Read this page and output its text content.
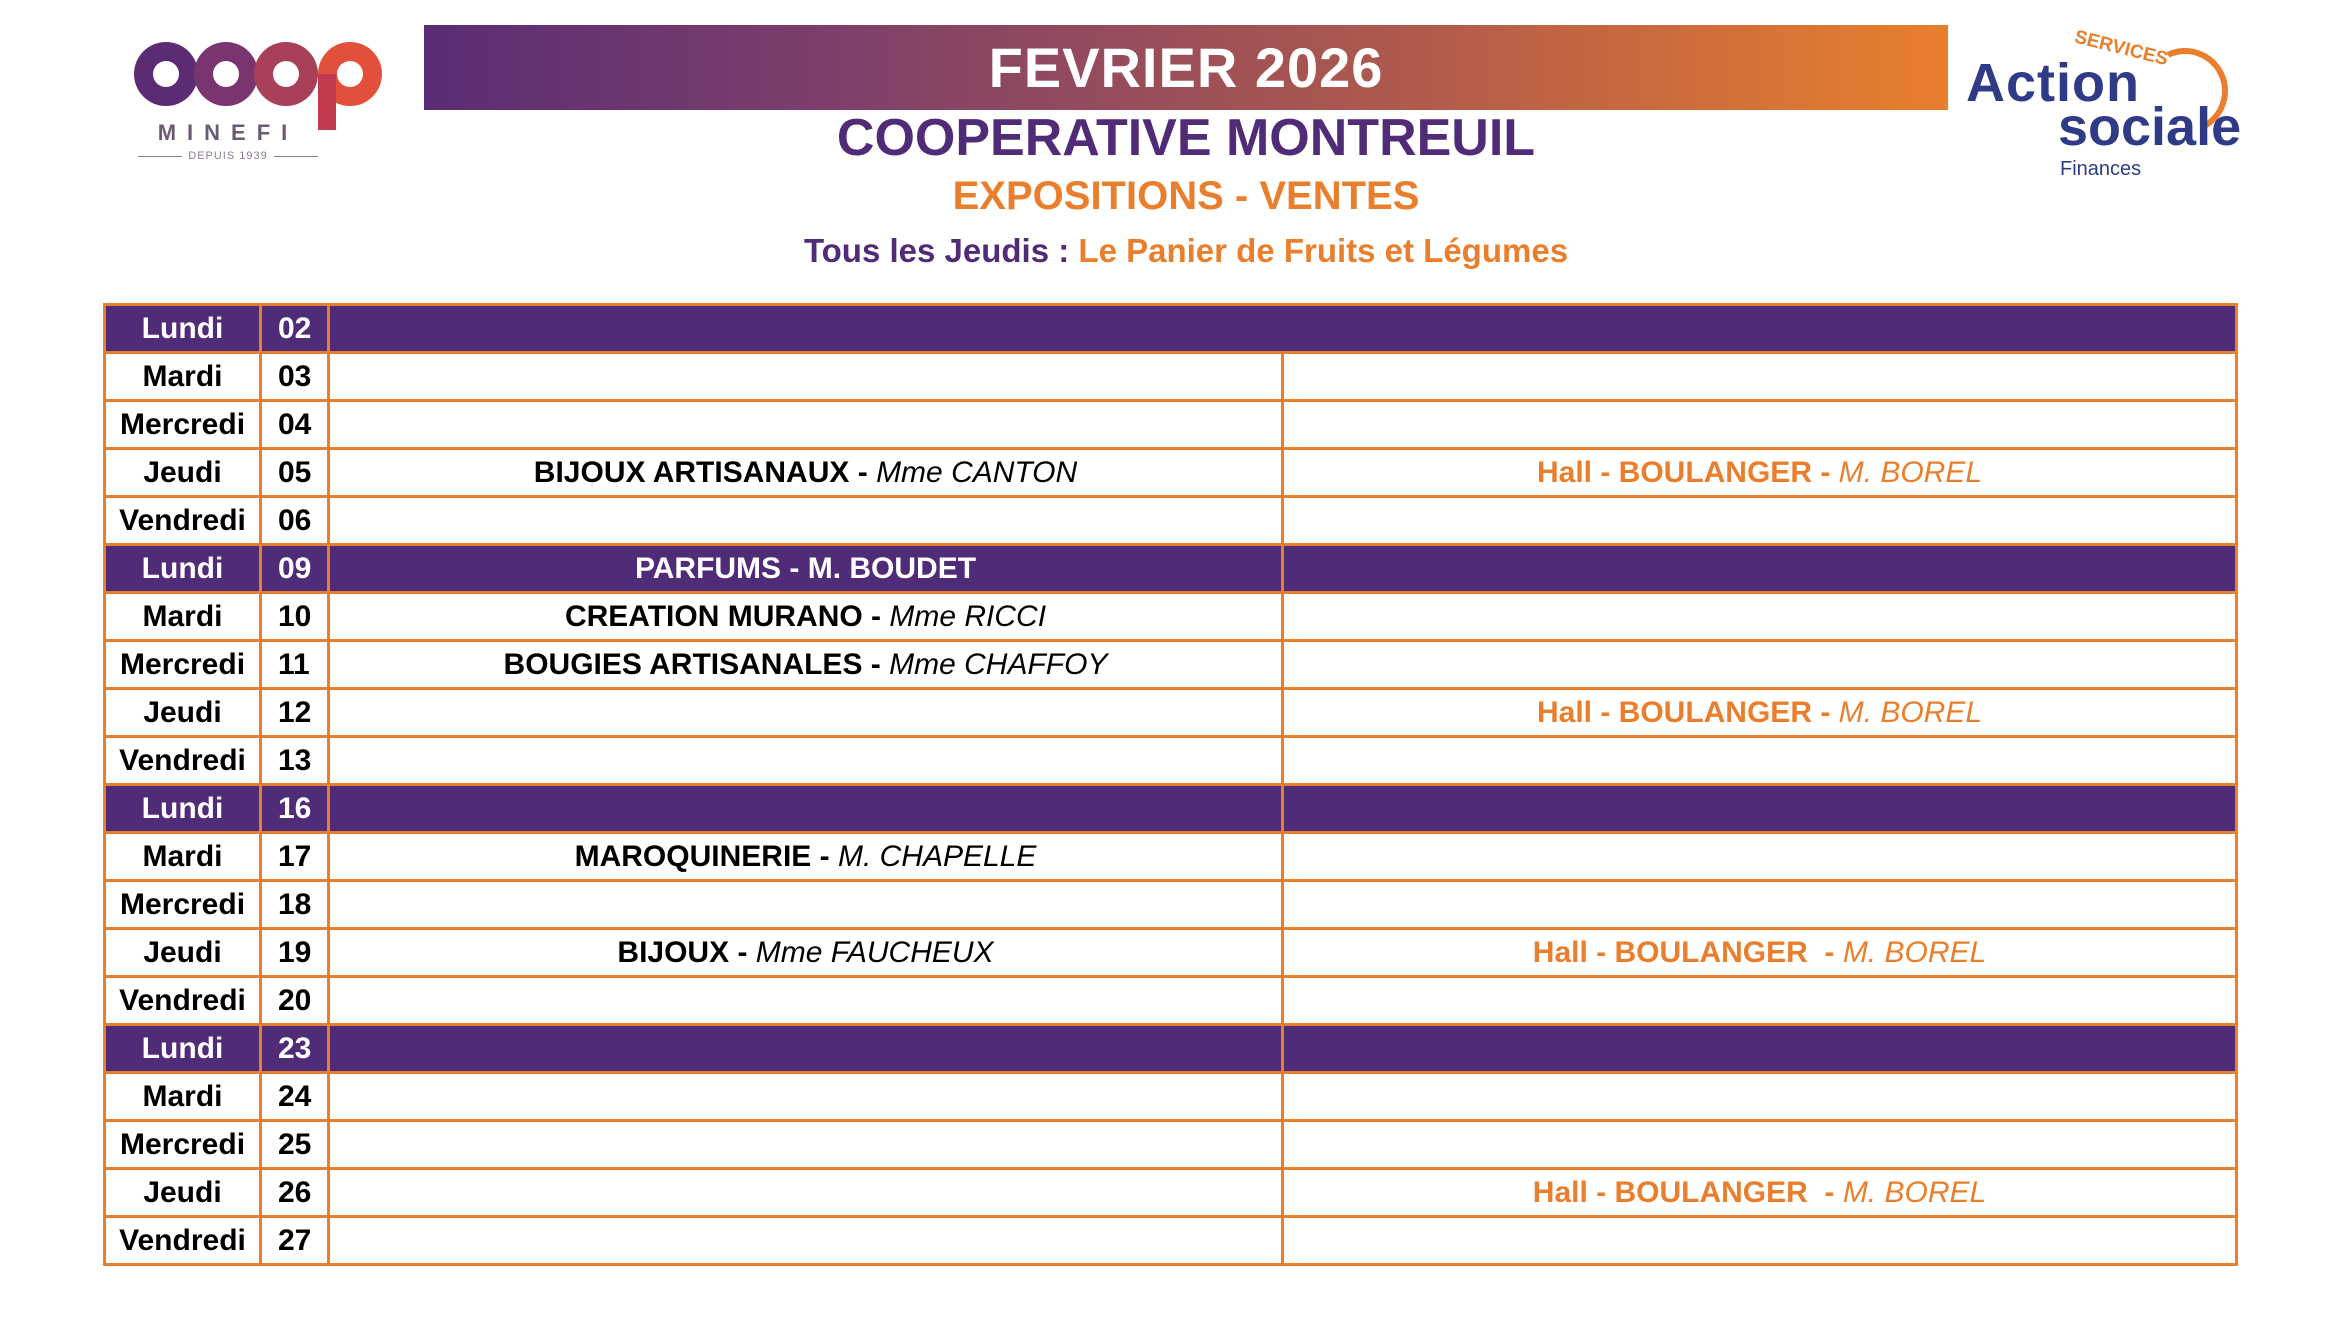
MINEFI
DEPUIS 1939
FEVRIER 2026	SERVICES
Action
sociale
Finances
COOPERATIVE MONTREUIL
EXPOSITIONS - VENTES
Tous les Jeudis : Le Panier de Fruits et Légumes
Lundi	02		
Mardi	03		
Mercredi	04		
Jeudi	05	BIJOUX ARTISANAUX - Mme CANTON	Hall - BOULANGER - M. BOREL
Vendredi	06		
Lundi	09	PARFUMS - M. BOUDET	
Mardi	10	CREATION MURANO - Mme RICCI	
Mercredi	11	BOUGIES ARTISANALES - Mme CHAFFOY	
Jeudi	12		Hall - BOULANGER - M. BOREL
Vendredi	13		
Lundi	16		
Mardi	17	MAROQUINERIE - M. CHAPELLE	
Mercredi	18		
Jeudi	19	BIJOUX - Mme FAUCHEUX	Hall - BOULANGER  - M. BOREL
Vendredi	20		
Lundi	23		
Mardi	24		
Mercredi	25		
Jeudi	26		Hall - BOULANGER  - M. BOREL
Vendredi	27		
